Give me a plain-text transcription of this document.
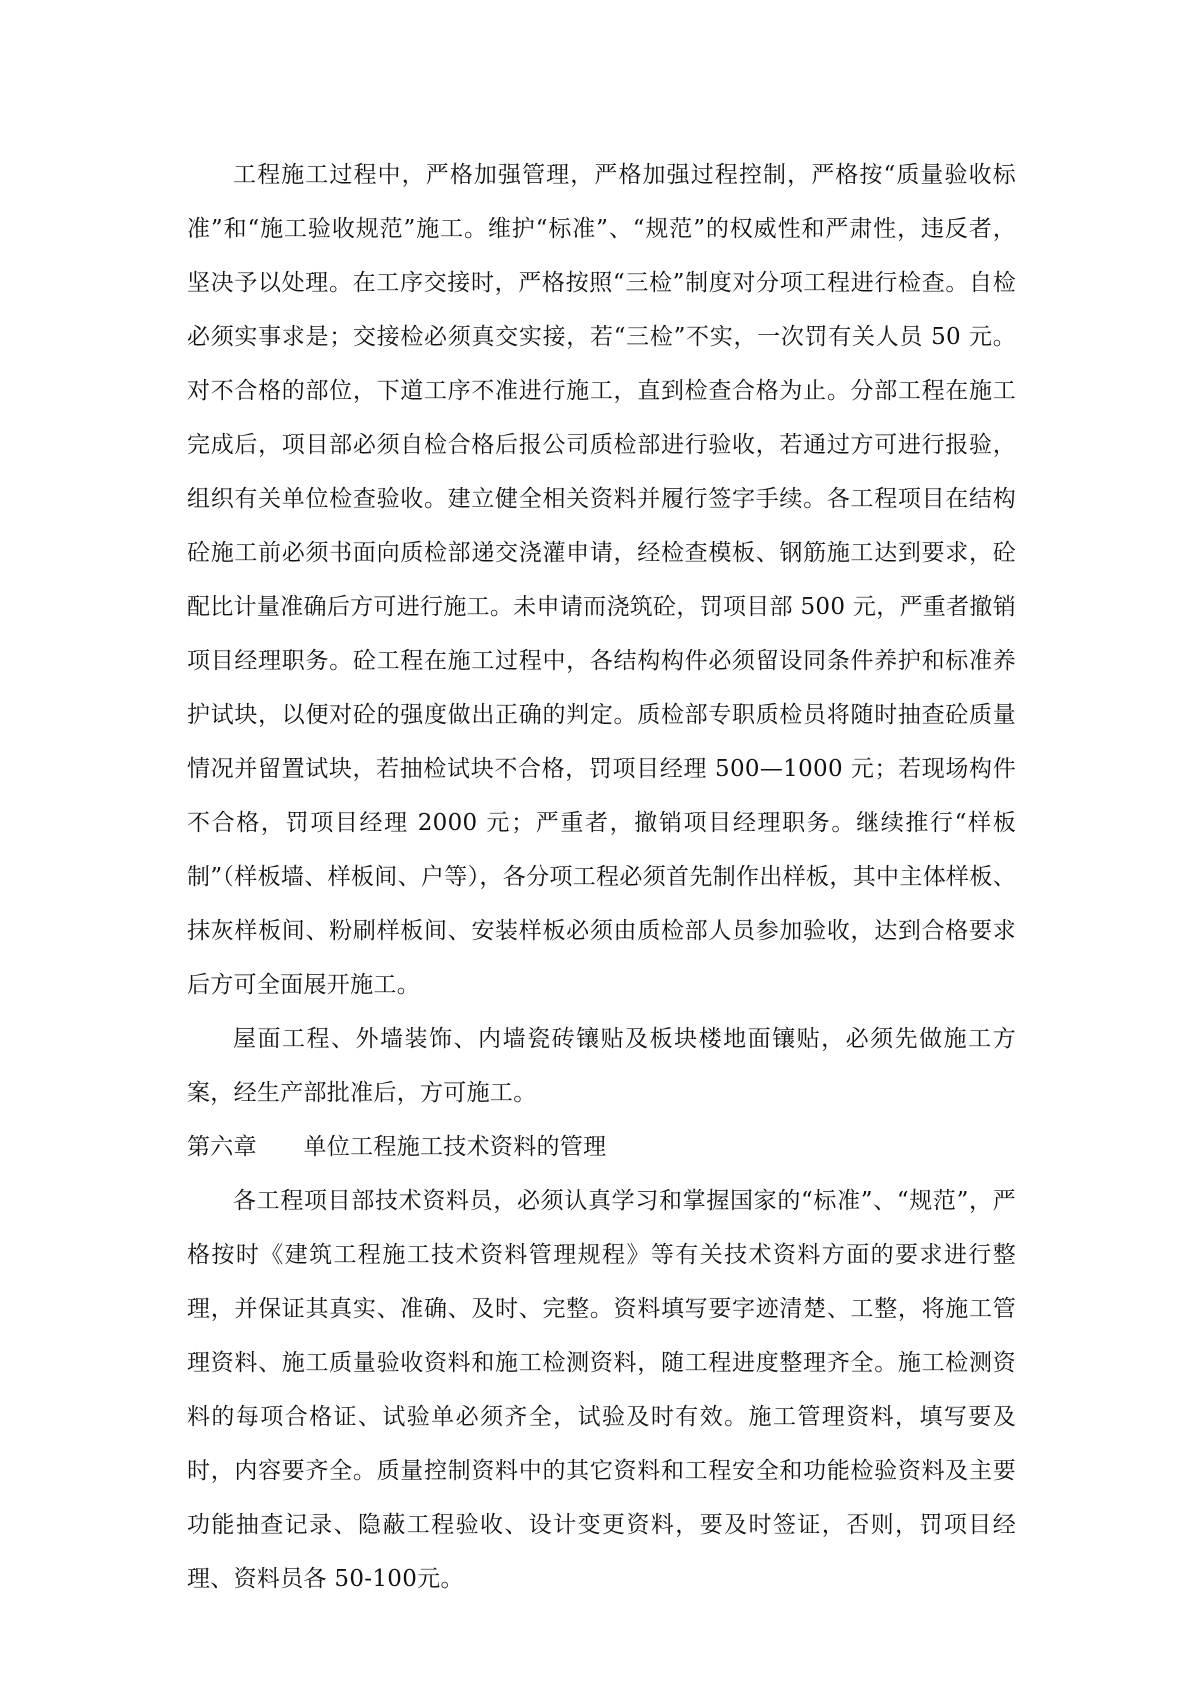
工程施工过程中，严格加强管理，严格加强过程控制，严格按“质量验收标准”和“施工验收规范”施工。维护“标准”、“规范”的权威性和严肃性，违反者，坚决予以处理。在工序交接时，严格按照“三检”制度对分项工程进行检查。自检必须实事求是；交接检必须真交实接，若“三检”不实，一次罚有关人员 50 元。对不合格的部位，下道工序不准进行施工，直到检查合格为止。分部工程在施工完成后，项目部必须自检合格后报公司质检部进行验收，若通过方可进行报验，组织有关单位检查验收。建立健全相关资料并履行签字手续。各工程项目在结构砼施工前必须书面向质检部递交浇灌申请，经检查模板、钢筋施工达到要求，砼配比计量准确后方可进行施工。未申请而浇筑砼，罚项目部 500 元，严重者撤销项目经理职务。砼工程在施工过程中，各结构构件必须留设同条件养护和标准养护试块，以便对砼的强度做出正确的判定。质检部专职质检员将随时抽查砼质量情况并留置试块，若抽检试块不合格，罚项目经理 500—1000 元；若现场构件不合格，罚项目经理 2000 元；严重者，撤销项目经理职务。继续推行“样板制”（样板墙、样板间、户等），各分项工程必须首先制作出样板，其中主体样板、抹灰样板间、粉刷样板间、安装样板必须由质检部人员参加验收，达到合格要求后方可全面展开施工。

屋面工程、外墙装饰、内墙瓷砖镶贴及板块楼地面镶贴，必须先做施工方案，经生产部批准后，方可施工。

第六章　　单位工程施工技术资料的管理

各工程项目部技术资料员，必须认真学习和掌握国家的“标准”、“规范”，严格按时《建筑工程施工技术资料管理规程》等有关技术资料方面的要求进行整理，并保证其真实、准确、及时、完整。资料填写要字迹清楚、工整，将施工管理资料、施工质量验收资料和施工检测资料，随工程进度整理齐全。施工检测资料的每项合格证、试验单必须齐全，试验及时有效。施工管理资料，填写要及时，内容要齐全。质量控制资料中的其它资料和工程安全和功能检验资料及主要功能抽查记录、隐蔽工程验收、设计变更资料，要及时签证，否则，罚项目经理、资料员各 50-100元。
